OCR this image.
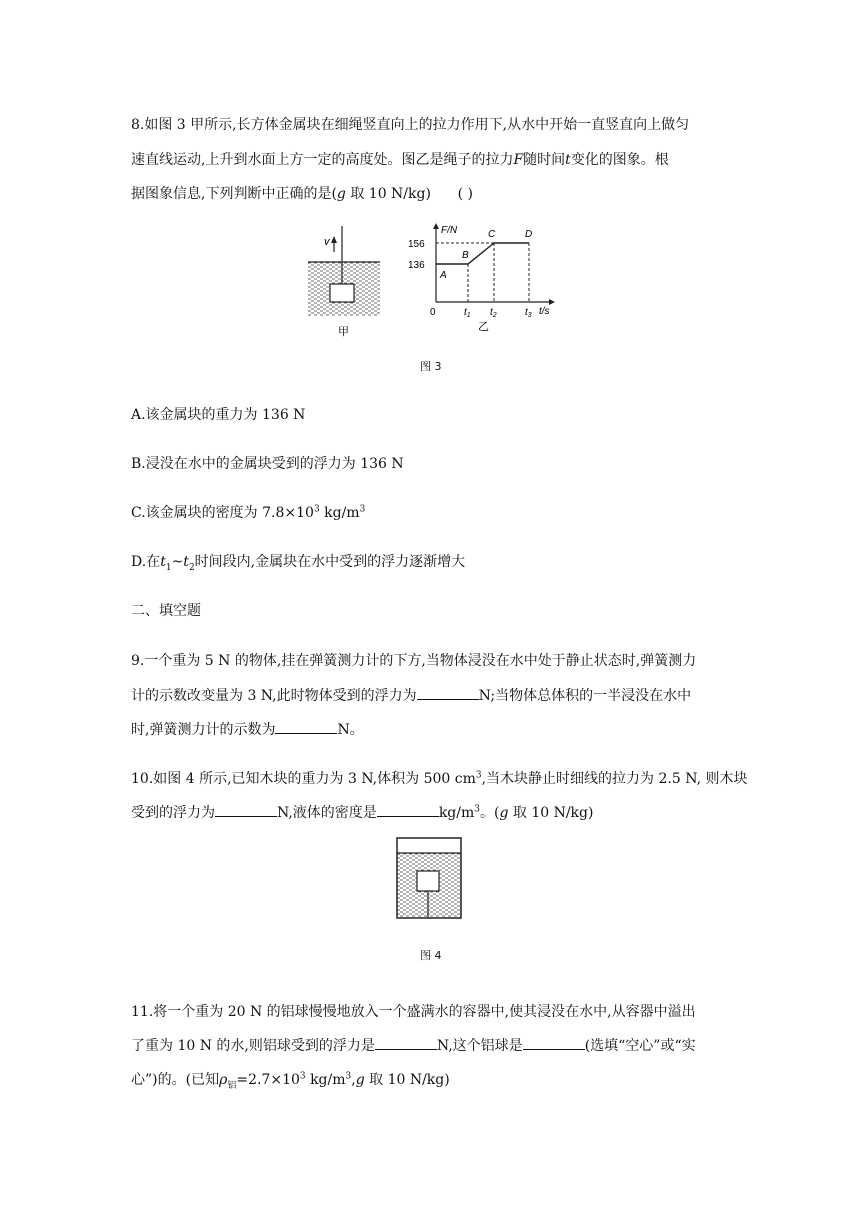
8.如图 3 甲所示,长方体金属块在细绳竖直向上的拉力作用下,从水中开始一直竖直向上做匀
速直线运动,上升到水面上方一定的高度处。图乙是绳子的拉力F随时间t变化的图象。根
据图象信息,下列判断中正确的是(g 取 10 N/kg) ( )
v
甲
F/N
t/s
0
156
136
$t_1$ $t_2$	$t_3$
A
B
C	D
乙
图 3
A.该金属块的重力为 136 N
B.浸没在水中的金属块受到的浮力为 136 N
C.该金属块的密度为 $7.8\times 10^3$ $kg/m^3$
D.在$t_1\sim t_2$时间段内,金属块在水中受到的浮力逐渐增大
二、填空题
9.一个重为 5 N 的物体,挂在弹簧测力计的下方,当物体浸没在水中处于静止状态时,弹簧测力
计的示数改变量为 3 N,此时物体受到的浮力为	N;当物体总体积的一半浸没在水中
时,弹簧测力计的示数为	N。
10.如图 4 所示,已知木块的重力为 3 N,体积为 500 $cm^3$,当木块静止时细线的拉力为 2.5 N, 则木块
受到的浮力为	N,液体的密度是	$kg/m^3$。(g 取 10 N/kg)
图 4
11.将一个重为 20 N 的铝球慢慢地放入一个盛满水的容器中,使其浸没在水中,从容器中溢出
了重为 10 N 的水,则铝球受到的浮力是	N,这个铝球是	(选填“空心”或“实
心”)的。(已知$\rho_铝=2.7\times 10^3$ $kg/m^3,g$ 取 10 N/kg)
